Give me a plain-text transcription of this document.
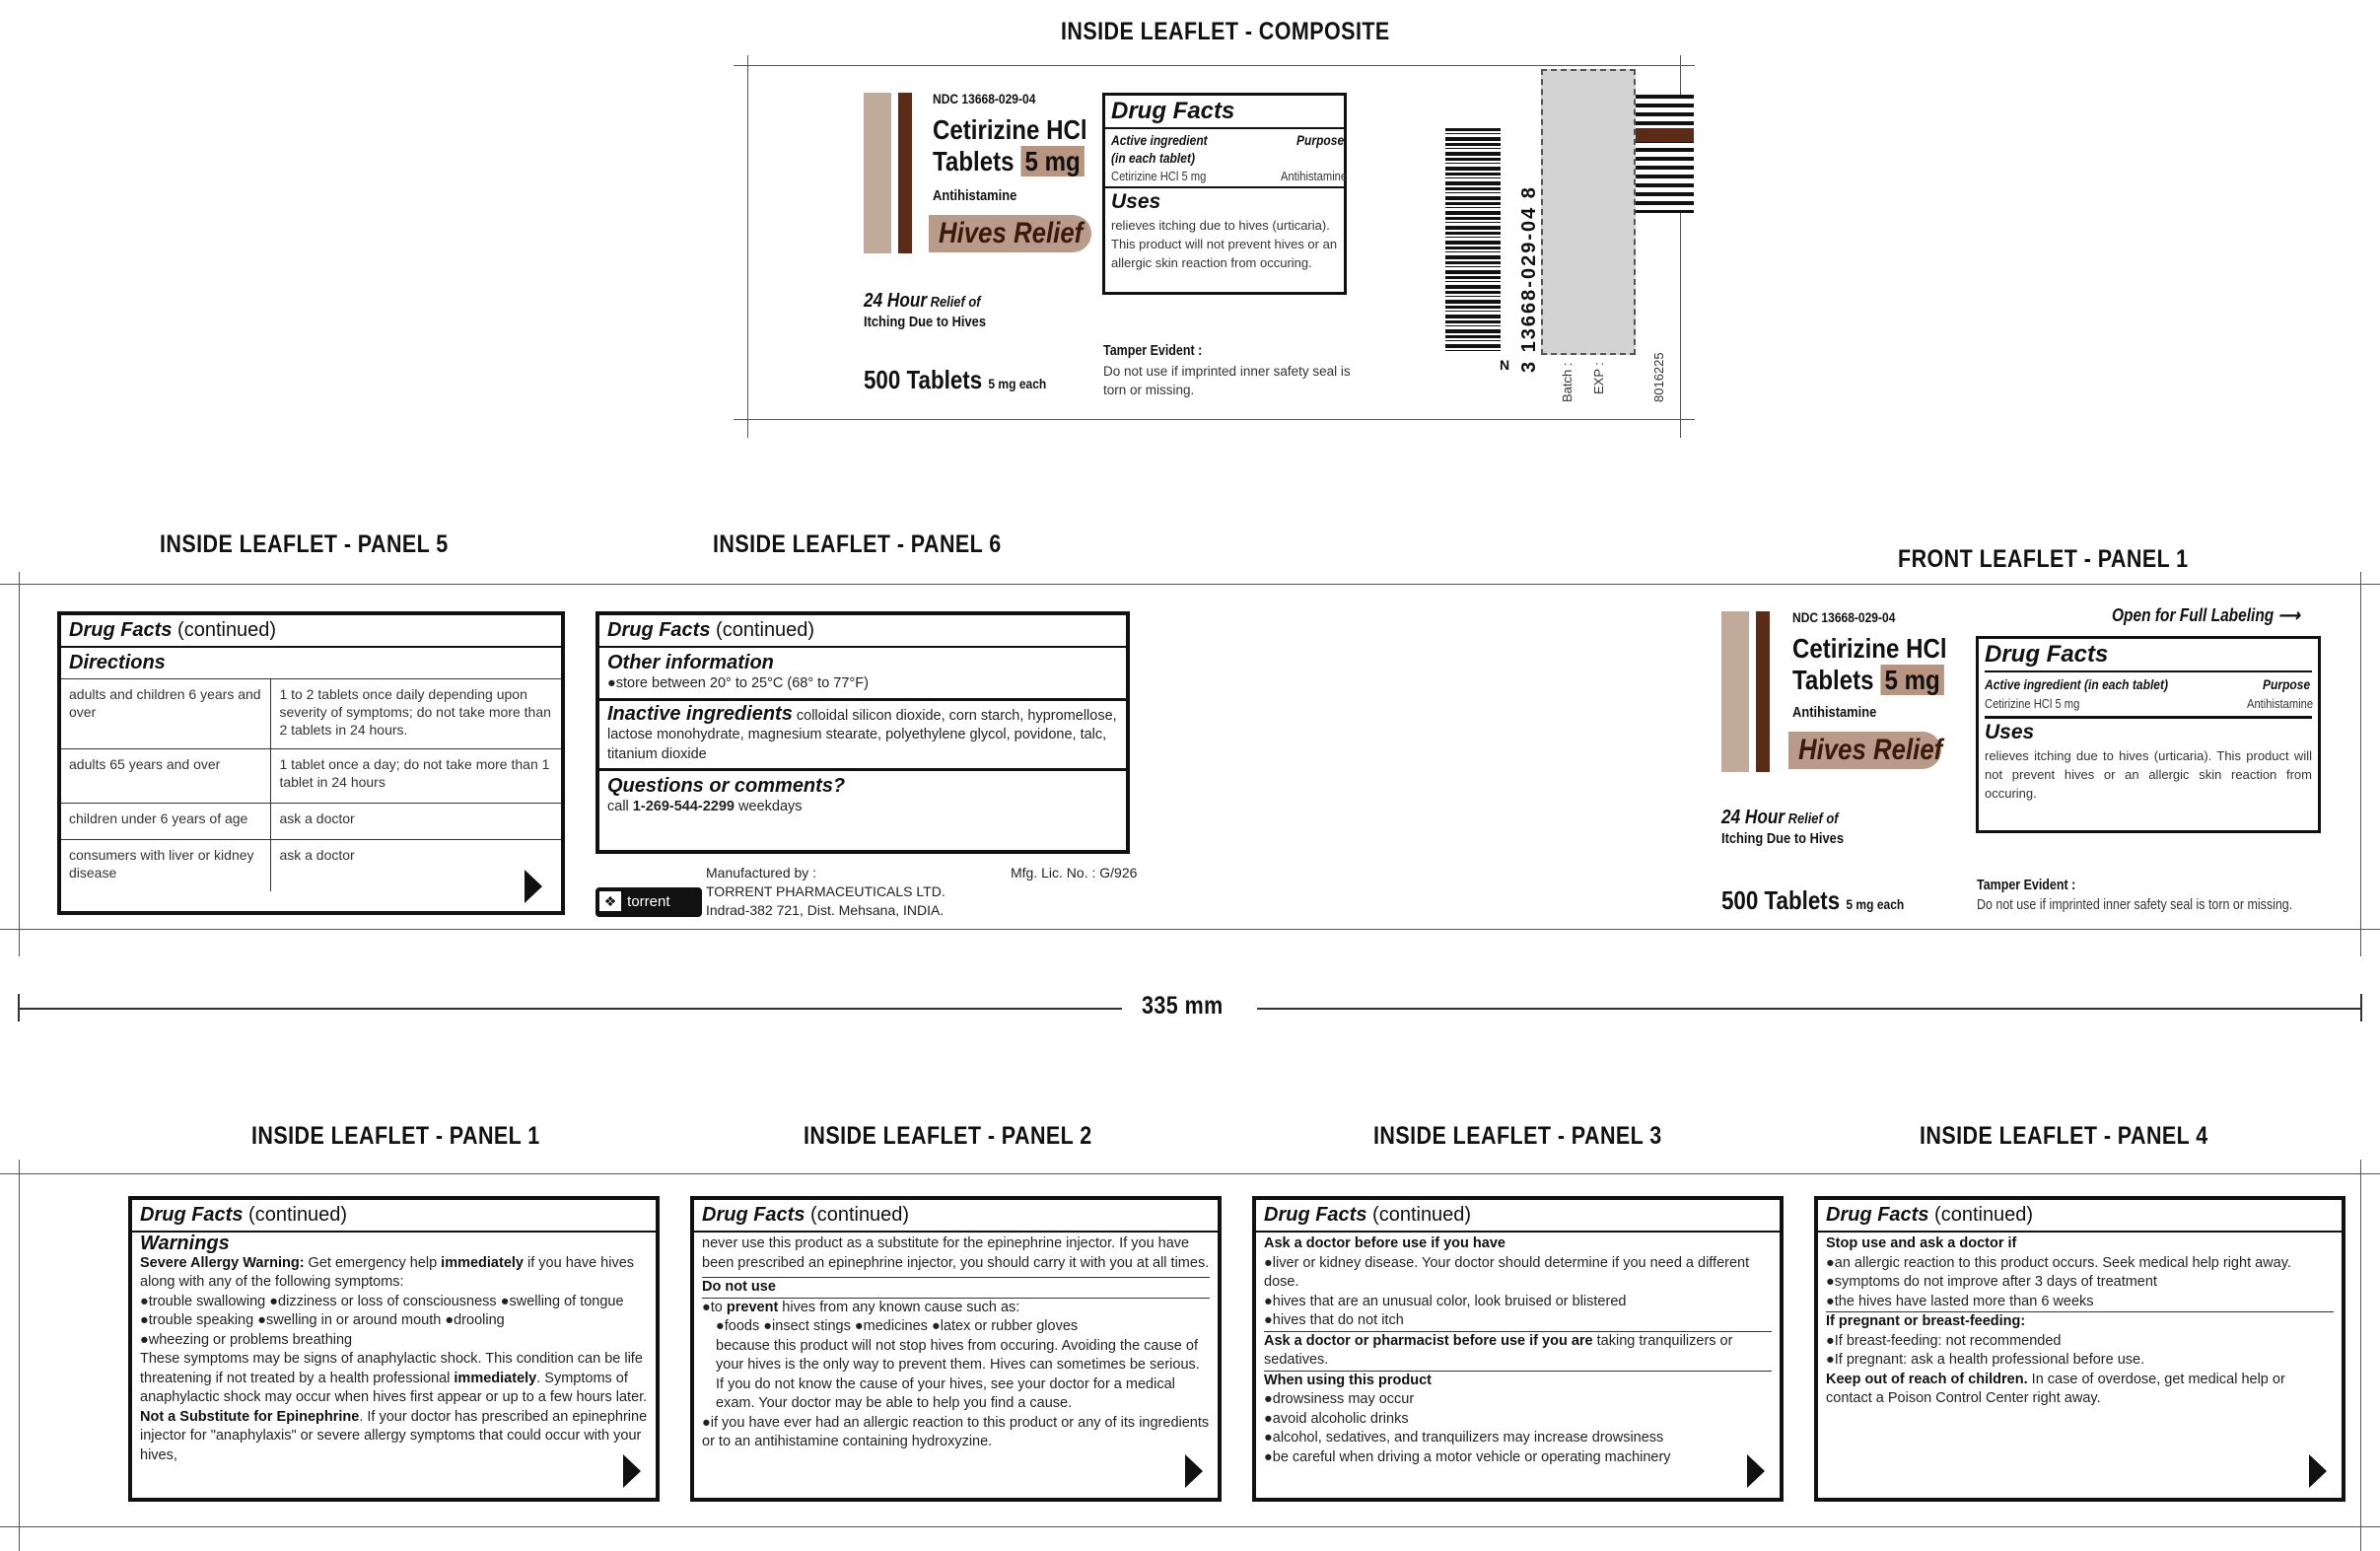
INSIDE LEAFLET - COMPOSITE
INSIDE LEAFLET - PANEL 5	INSIDE LEAFLET - PANEL 6
FRONT LEAFLET - PANEL 1
INSIDE LEAFLET - PANEL 1	INSIDE LEAFLET - PANEL 2	INSIDE LEAFLET - PANEL 3	INSIDE LEAFLET - PANEL 4
NDC 13668-029-04
Cetirizine HCl
Tablets 5 mg
Antihistamine
Hives Relief
24 Hour Relief of
Itching Due to Hives
500 Tablets 5 mg each
Drug Facts
Active ingredient
(in each tablet)
Purpose
Cetirizine HCl 5 mg	Antihistamine
Uses
relieves itching due to hives (urticaria). This product will not prevent hives or an allergic skin reaction from occuring.
Tamper Evident :
Do not use if imprinted inner safety seal is torn or missing.
3 13668-029-04 8
N	Batch : EXP :	8016225
Drug Facts (continued)
Directions
adults and children 6 years and over	1 to 2 tablets once daily depending upon severity of symptoms; do not take more than 2 tablets in 24 hours.
adults 65 years and over	1 tablet once a day; do not take more than 1 tablet in 24 hours
children under 6 years of age	ask a doctor
consumers with liver or kidney disease	ask a doctor
Drug Facts (continued)
Other information
● store between 20° to 25°C (68° to 77°F)
Inactive ingredients colloidal silicon dioxide, corn starch, hypromellose, lactose monohydrate, magnesium stearate, polyethylene glycol, povidone, talc, titanium dioxide
Questions or comments?
call 1-269-544-2299 weekdays
❖ torrent
Manufactured by :
TORRENT PHARMACEUTICALS LTD.
Indrad-382 721, Dist. Mehsana, INDIA.
Mfg. Lic. No. : G/926
NDC 13668-029-04
Cetirizine HCl
Tablets 5 mg
Antihistamine
Hives Relief
24 Hour Relief of
Itching Due to Hives
500 Tablets 5 mg each
Open for Full Labeling ⟶
Drug Facts
Active ingredient (in each tablet)	Purpose
Cetirizine HCl 5 mg	Antihistamine
Uses
relieves itching due to hives (urticaria). This product will not prevent hives or an allergic skin reaction from occuring.
Tamper Evident :
Do not use if imprinted inner safety seal is torn or missing.
335 mm
Drug Facts (continued)
Warnings
Severe Allergy Warning: Get emergency help immediately if you have hives along with any of the following symptoms:
● trouble swallowing ● dizziness or loss of consciousness ● swelling of tongue
● trouble speaking ● swelling in or around mouth ● drooling
● wheezing or problems breathing
These symptoms may be signs of anaphylactic shock. This condition can be life threatening if not treated by a health professional immediately. Symptoms of anaphylactic shock may occur when hives first appear or up to a few hours later.
Not a Substitute for Epinephrine. If your doctor has prescribed an epinephrine injector for "anaphylaxis" or severe allergy symptoms that could occur with your hives,
Drug Facts (continued)
never use this product as a substitute for the epinephrine injector. If you have been prescribed an epinephrine injector, you should carry it with you at all times.
Do not use
● to prevent hives from any known cause such as:
● foods ● insect stings ● medicines ● latex or rubber gloves
because this product will not stop hives from occuring. Avoiding the cause of your hives is the only way to prevent them. Hives can sometimes be serious. If you do not know the cause of your hives, see your doctor for a medical exam. Your doctor may be able to help you find a cause.
● if you have ever had an allergic reaction to this product or any of its ingredients or to an antihistamine containing hydroxyzine.
Drug Facts (continued)
Ask a doctor before use if you have
● liver or kidney disease. Your doctor should determine if you need a different dose.
● hives that are an unusual color, look bruised or blistered
● hives that do not itch
Ask a doctor or pharmacist before use if you are taking tranquilizers or sedatives.
When using this product
● drowsiness may occur
● avoid alcoholic drinks
● alcohol, sedatives, and tranquilizers may increase drowsiness
● be careful when driving a motor vehicle or operating machinery
Drug Facts (continued)
Stop use and ask a doctor if
● an allergic reaction to this product occurs. Seek medical help right away.
● symptoms do not improve after 3 days of treatment
● the hives have lasted more than 6 weeks
If pregnant or breast-feeding:
● If breast-feeding: not recommended
● If pregnant: ask a health professional before use.
Keep out of reach of children. In case of overdose, get medical help or contact a Poison Control Center right away.
